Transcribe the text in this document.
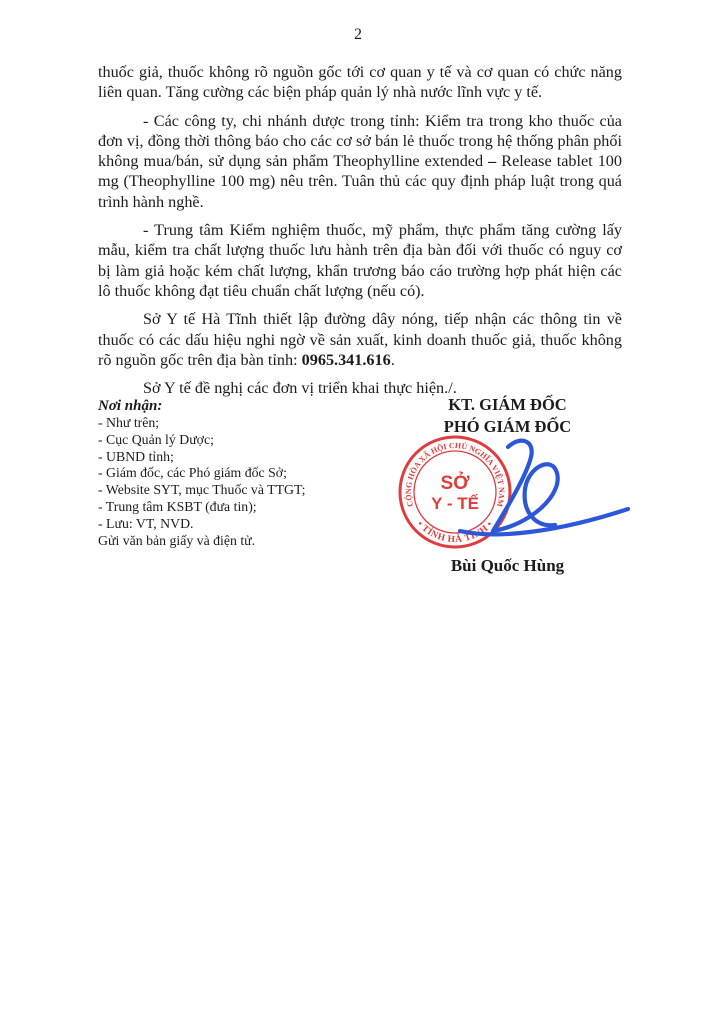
2

thuốc giả, thuốc không rõ nguồn gốc tới cơ quan y tế và cơ quan có chức năng liên quan. Tăng cường các biện pháp quản lý nhà nước lĩnh vực y tế.

- Các công ty, chi nhánh dược trong tỉnh: Kiểm tra trong kho thuốc của đơn vị, đồng thời thông báo cho các cơ sở bán lẻ thuốc trong hệ thống phân phối không mua/bán, sử dụng sản phẩm Theophylline extended – Release tablet 100 mg (Theophylline 100 mg) nêu trên. Tuân thủ các quy định pháp luật trong quá trình hành nghề.

- Trung tâm Kiểm nghiệm thuốc, mỹ phẩm, thực phẩm tăng cường lấy mẫu, kiểm tra chất lượng thuốc lưu hành trên địa bàn đối với thuốc có nguy cơ bị làm giả hoặc kém chất lượng, khẩn trương báo cáo trường hợp phát hiện các lô thuốc không đạt tiêu chuẩn chất lượng (nếu có).

Sở Y tế Hà Tĩnh thiết lập đường dây nóng, tiếp nhận các thông tin về thuốc có các dấu hiệu nghi ngờ về sản xuất, kinh doanh thuốc giả, thuốc không rõ nguồn gốc trên địa bàn tỉnh: 0965.341.616.

Sở Y tế đề nghị các đơn vị triển khai thực hiện./.

Nơi nhận:
- Như trên;
- Cục Quản lý Dược;
- UBND tỉnh;
- Giám đốc, các Phó giám đốc Sở;
- Website SYT, mục Thuốc và TTGT;
- Trung tâm KSBT (đưa tin);
- Lưu: VT, NVD.
Gửi văn bản giấy và điện tử.
KT. GIÁM ĐỐC
PHÓ GIÁM ĐỐC
CỘNG HÒA XÃ HỘI CHỦ NGHĨA VIỆT NAM
• TỈNH HÀ TĨNH •
SỞ
Y - TẾ
Bùi Quốc Hùng
